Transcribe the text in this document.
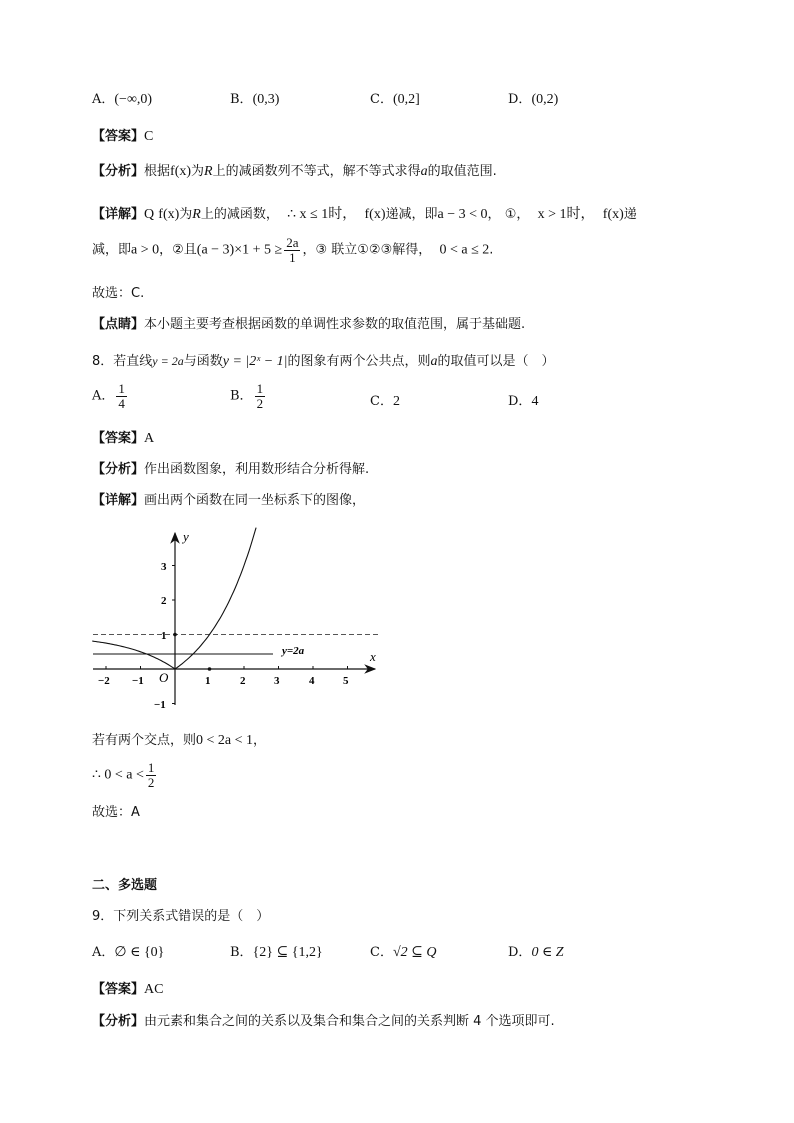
A．(−∞,0)	B．(0,3)	C．(0,2]	D．(0,2)
【答案】C
【分析】根据f(x)为R上的减函数列不等式，解不等式求得a的取值范围.
【详解】Q f(x)为R上的减函数， ∴ x ≤ 1时， f(x)递减，即a − 3 < 0， ①， x > 1时， f(x)递
减，即a > 0，②且$(a - 3)\times 1 + 5 \ge \frac{2a}{1}$ ，③ 联立①②③解得， 0 < a ≤ 2.
故选：C.
【点睛】本小题主要考查根据函数的单调性求参数的取值范围，属于基础题.
8．若直线y = 2a与函数y = |2ˣ − 1|的图象有两个公共点，则a的取值可以是（　）
A． $\frac{1}{4}$	B． $\frac{1}{2}$	C．2	D．4
【答案】A
【分析】作出函数图象，利用数形结合分析得解.
【详解】画出两个函数在同一坐标系下的图像，
y
x
O
y=2a
−2 −1	1	2	3	4	5
3
2
1
−1
若有两个交点，则0 < 2a < 1，
∴ $0 < a < \frac{1}{2}$
故选：A
二、多选题
9．下列关系式错误的是（　）
A．∅ ∈ {0}	B．{2} ⊆ {1,2}	C．√2 ⊆ Q	D．0 ∈ Z
【答案】AC
【分析】由元素和集合之间的关系以及集合和集合之间的关系判断 4 个选项即可.
